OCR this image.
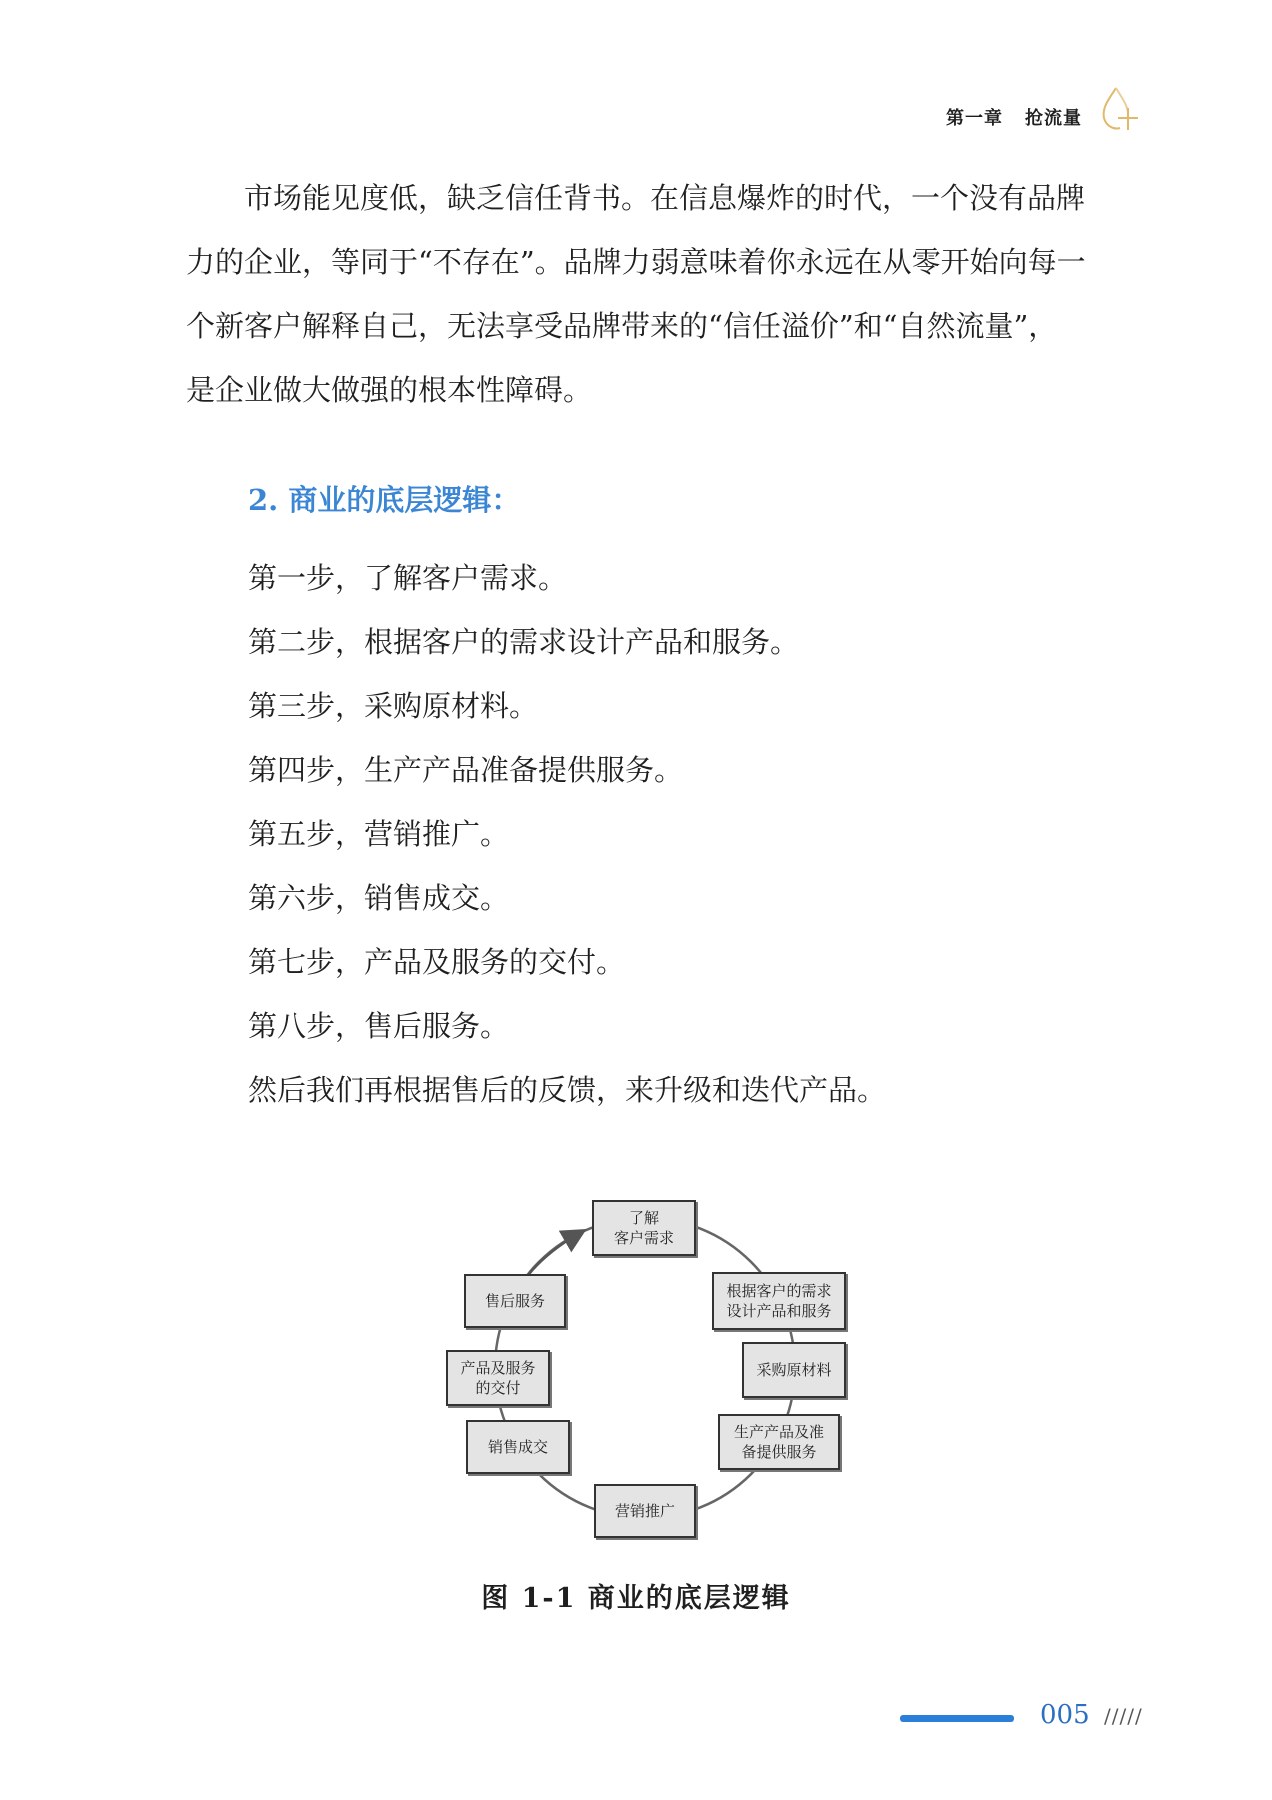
第一章 抢流量

市场能见度低，缺乏信任背书。在信息爆炸的时代，一个没有品牌力的企业，等同于“不存在”。品牌力弱意味着你永远在从零开始向每一个新客户解释自己，无法享受品牌带来的“信任溢价”和“自然流量”，是企业做大做强的根本性障碍。

2. 商业的底层逻辑：
第一步，了解客户需求。
第二步，根据客户的需求设计产品和服务。
第三步，采购原材料。
第四步，生产产品准备提供服务。
第五步，营销推广。
第六步，销售成交。
第七步，产品及服务的交付。
第八步，售后服务。

然后我们再根据售后的反馈，来升级和迭代产品。

了解
客户需求
根据客户的需求
设计产品和服务
采购原材料
生产产品及准
备提供服务
营销推广
销售成交
产品及服务
的交付
售后服务
图 1-1 商业的底层逻辑
005 /////
